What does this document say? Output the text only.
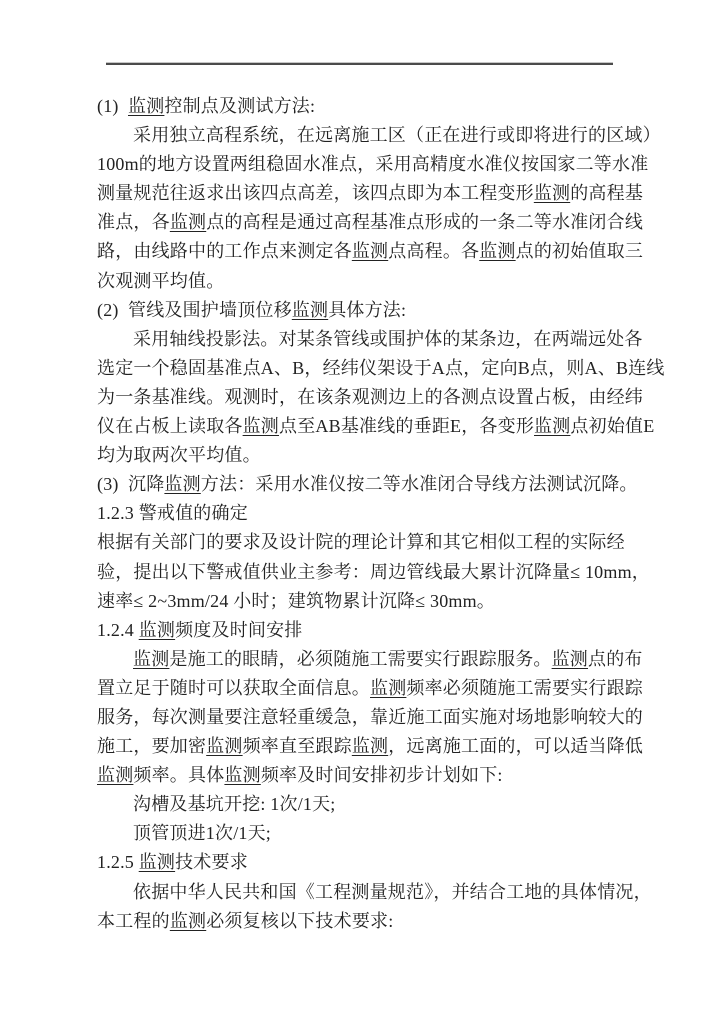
(1)  监测控制点及测试方法:
采用独立高程系统，在远离施工区（正在进行或即将进行的区域）
100m的地方设置两组稳固水准点，采用高精度水准仪按国家二等水准
测量规范往返求出该四点高差，该四点即为本工程变形监测的高程基
准点，各监测点的高程是通过高程基准点形成的一条二等水准闭合线
路，由线路中的工作点来测定各监测点高程。各监测点的初始值取三
次观测平均值。
(2)  管线及围护墙顶位移监测具体方法:
采用轴线投影法。对某条管线或围护体的某条边，在两端远处各
选定一个稳固基准点A、B，经纬仪架设于A点，定向B点，则A、B连线
为一条基准线。观测时，在该条观测边上的各测点设置占板，由经纬
仪在占板上读取各监测点至AB基准线的垂距E，各变形监测点初始值E
均为取两次平均值。
(3)  沉降监测方法：采用水准仪按二等水准闭合导线方法测试沉降。
1.2.3 警戒值的确定
根据有关部门的要求及设计院的理论计算和其它相似工程的实际经
验，提出以下警戒值供业主参考：周边管线最大累计沉降量≤ 10mm，
速率≤ 2~3mm/24 小时；建筑物累计沉降≤ 30mm。
1.2.4 监测频度及时间安排
监测是施工的眼睛，必须随施工需要实行跟踪服务。监测点的布
置立足于随时可以获取全面信息。监测频率必须随施工需要实行跟踪
服务，每次测量要注意轻重缓急，靠近施工面实施对场地影响较大的
施工，要加密监测频率直至跟踪监测，远离施工面的，可以适当降低
监测频率。具体监测频率及时间安排初步计划如下:
沟槽及基坑开挖: 1次/1天;
顶管顶进1次/1天;
1.2.5 监测技术要求
依据中华人民共和国《工程测量规范》，并结合工地的具体情况，
本工程的监测必须复核以下技术要求:
